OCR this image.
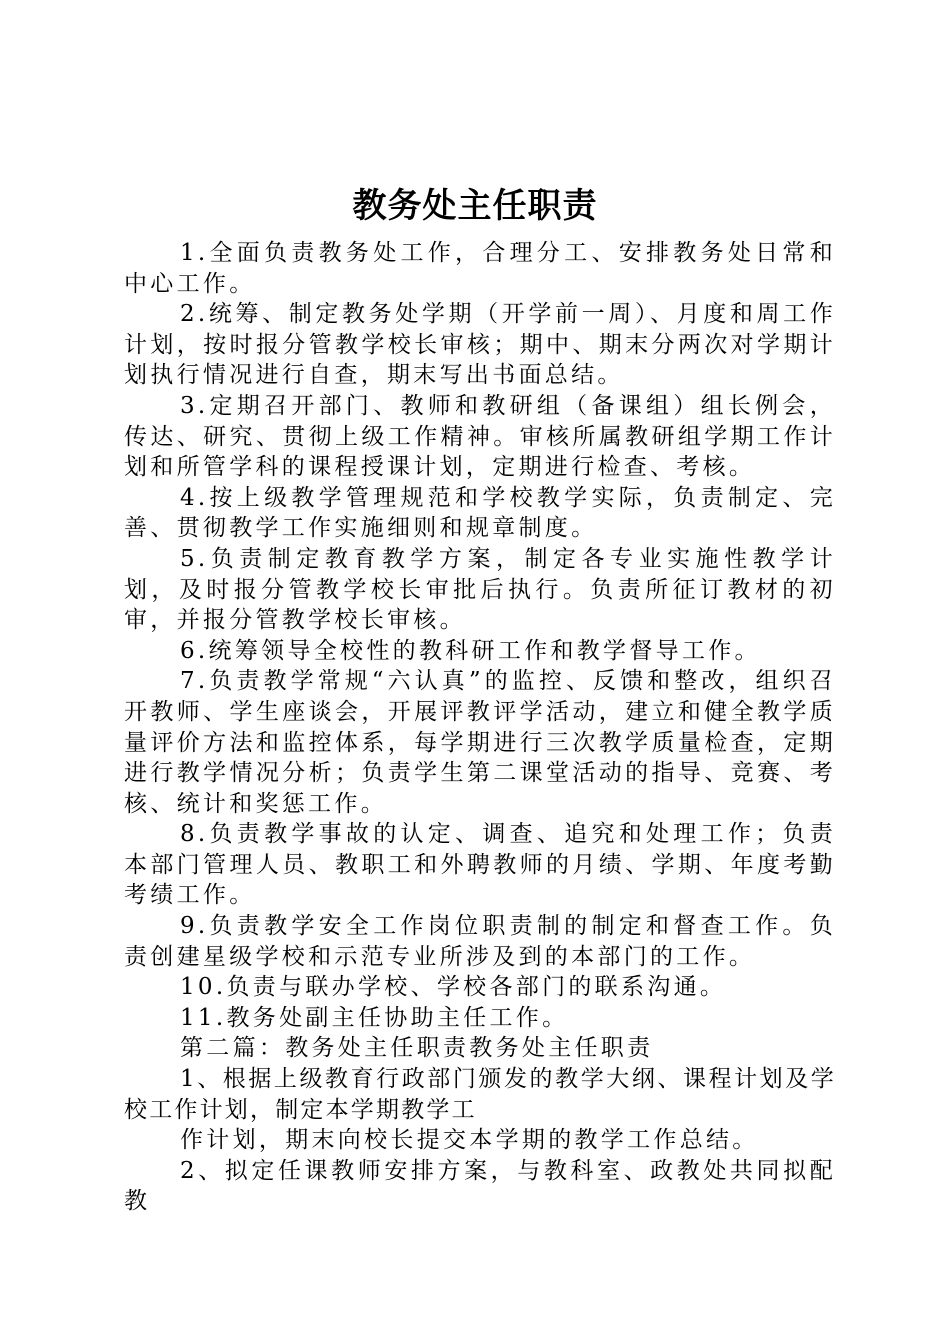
教务处主任职责

1.全面负责教务处工作，合理分工、安排教务处日常和中心工作。

2.统筹、制定教务处学期（开学前一周）、月度和周工作计划，按时报分管教学校长审核；期中、期末分两次对学期计划执行情况进行自查，期末写出书面总结。

3.定期召开部门、教师和教研组（备课组）组长例会，传达、研究、贯彻上级工作精神。审核所属教研组学期工作计划和所管学科的课程授课计划，定期进行检查、考核。

4.按上级教学管理规范和学校教学实际，负责制定、完善、贯彻教学工作实施细则和规章制度。

5.负责制定教育教学方案，制定各专业实施性教学计划，及时报分管教学校长审批后执行。负责所征订教材的初审，并报分管教学校长审核。

6.统筹领导全校性的教科研工作和教学督导工作。

7.负责教学常规“六认真”的监控、反馈和整改，组织召开教师、学生座谈会，开展评教评学活动，建立和健全教学质量评价方法和监控体系，每学期进行三次教学质量检查，定期进行教学情况分析；负责学生第二课堂活动的指导、竞赛、考核、统计和奖惩工作。

8.负责教学事故的认定、调查、追究和处理工作；负责本部门管理人员、教职工和外聘教师的月绩、学期、年度考勤考绩工作。

9.负责教学安全工作岗位职责制的制定和督查工作。负责创建星级学校和示范专业所涉及到的本部门的工作。

10.负责与联办学校、学校各部门的联系沟通。

11.教务处副主任协助主任工作。

第二篇：教务处主任职责教务处主任职责

1、根据上级教育行政部门颁发的教学大纲、课程计划及学校工作计划，制定本学期教学工

作计划，期末向校长提交本学期的教学工作总结。

2、拟定任课教师安排方案，与教科室、政教处共同拟配教
